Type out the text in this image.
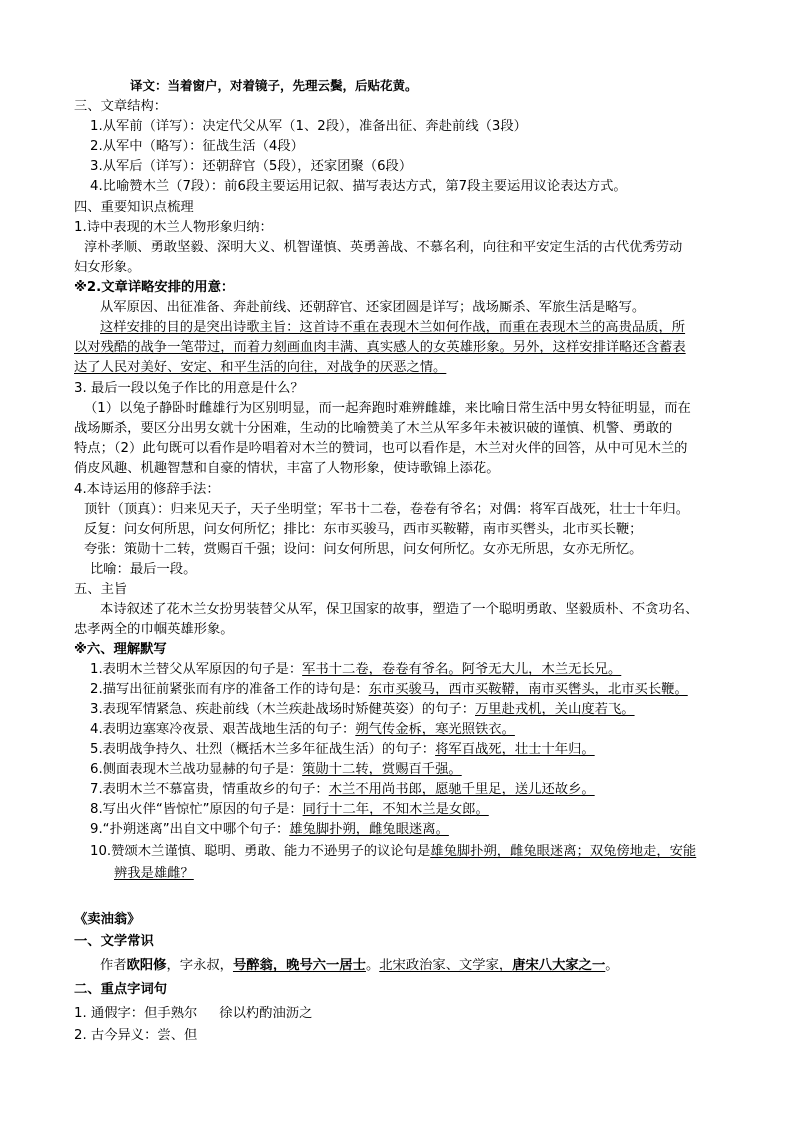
译文：当着窗户，对着镜子，先理云鬓，后贴花黄。
三、文章结构：
1.从军前（详写）：决定代父从军（1、2段），准备出征、奔赴前线（3段）
2.从军中（略写）：征战生活（4段）
3.从军后（详写）：还朝辞官（5段），还家团聚（6段）
4.比喻赞木兰（7段）：前6段主要运用记叙、描写表达方式，第7段主要运用议论表达方式。
四、重要知识点梳理
1.诗中表现的木兰人物形象归纳：
淳朴孝顺、勇敢坚毅、深明大义、机智谨慎、英勇善战、不慕名利，向往和平安定生活的古代优秀劳动
妇女形象。
※2.文章详略安排的用意：
从军原因、出征准备、奔赴前线、还朝辞官、还家团圆是详写；战场厮杀、军旅生活是略写。
这样安排的目的是突出诗歌主旨：这首诗不重在表现木兰如何作战，而重在表现木兰的高贵品质，所
以对残酷的战争一笔带过，而着力刻画血肉丰满、真实感人的女英雄形象。另外，这样安排详略还含蓄表
达了人民对美好、安定、和平生活的向往，对战争的厌恶之情。
3. 最后一段以兔子作比的用意是什么？
（1）以兔子静卧时雌雄行为区别明显，而一起奔跑时难辨雌雄，来比喻日常生活中男女特征明显，而在
战场厮杀，要区分出男女就十分困难，生动的比喻赞美了木兰从军多年未被识破的谨慎、机警、勇敢的
特点；（2）此句既可以看作是吟唱着对木兰的赞词，也可以看作是，木兰对火伴的回答，从中可见木兰的
俏皮风趣、机趣智慧和自豪的情状，丰富了人物形象，使诗歌锦上添花。
4.本诗运用的修辞手法：
顶针（顶真）：归来见天子，天子坐明堂；军书十二卷，卷卷有爷名；对偶：将军百战死，壮士十年归。
反复：问女何所思，问女何所忆；排比：东市买骏马，西市买鞍鞯，南市买辔头，北市买长鞭；
夸张：策勋十二转，赏赐百千强；设问：问女何所思，问女何所忆。女亦无所思，女亦无所忆。
比喻：最后一段。
五、主旨
本诗叙述了花木兰女扮男装替父从军，保卫国家的故事，塑造了一个聪明勇敢、坚毅质朴、不贪功名、
忠孝两全的巾帼英雄形象。
※六、理解默写
1.表明木兰替父从军原因的句子是：军书十二卷，卷卷有爷名。阿爷无大儿，木兰无长兄。
2.描写出征前紧张而有序的准备工作的诗句是：东市买骏马，西市买鞍鞯，南市买辔头，北市买长鞭。
3.表现军情紧急、疾赴前线（木兰疾赴战场时矫健英姿）的句子：万里赴戎机，关山度若飞。
4.表明边塞寒冷夜景、艰苦战地生活的句子：朔气传金柝，寒光照铁衣。
5.表明战争持久、壮烈（概括木兰多年征战生活）的句子：将军百战死，壮士十年归。
6.侧面表现木兰战功显赫的句子是：策勋十二转，赏赐百千强。
7.表明木兰不慕富贵，情重故乡的句子：木兰不用尚书郎，愿驰千里足，送儿还故乡。
8.写出火伴“皆惊忙”原因的句子是：同行十二年，不知木兰是女郎。
9.“扑朔迷离”出自文中哪个句子：雄兔脚扑朔，雌兔眼迷离。
10.赞颂木兰谨慎、聪明、勇敢、能力不逊男子的议论句是雄兔脚扑朔，雌兔眼迷离；双兔傍地走，安能
辨我是雄雌？
《卖油翁》
一、文学常识
作者欧阳修，字永叔，号醉翁，晚号六一居士。北宋政治家、文学家，唐宋八大家之一。
二、重点字词句
1. 通假字：但手熟尔 徐以杓酌油沥之
2. 古今异义：尝、但
